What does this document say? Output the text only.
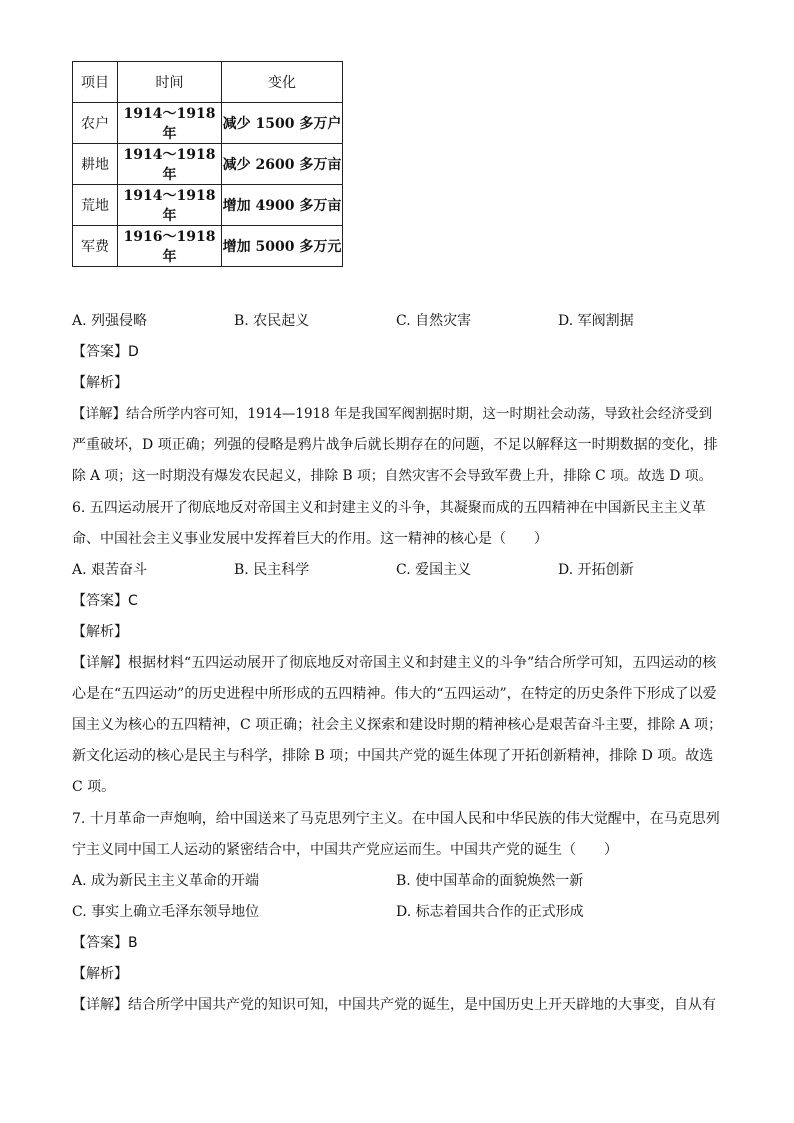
项目	时间	变化
农户	1914～1918 年	减少 1500 多万户
耕地	1914～1918 年	减少 2600 多万亩
荒地	1914～1918 年	增加 4900 多万亩
军费	1916～1918 年	增加 5000 多万元
A. 列强侵略	B. 农民起义	C. 自然灾害	D. 军阀割据
【答案】D
【解析】
【详解】结合所学内容可知，1914—1918 年是我国军阀割据时期，这一时期社会动荡，导致社会经济受到
严重破坏，D 项正确；列强的侵略是鸦片战争后就长期存在的问题，不足以解释这一时期数据的变化，排
除 A 项；这一时期没有爆发农民起义，排除 B 项；自然灾害不会导致军费上升，排除 C 项。故选 D 项。
6. 五四运动展开了彻底地反对帝国主义和封建主义的斗争，其凝聚而成的五四精神在中国新民主主义革
命、中国社会主义事业发展中发挥着巨大的作用。这一精神的核心是（　　）
A. 艰苦奋斗	B. 民主科学	C. 爱国主义	D. 开拓创新
【答案】C
【解析】
【详解】根据材料“五四运动展开了彻底地反对帝国主义和封建主义的斗争”结合所学可知，五四运动的核
心是在“五四运动”的历史进程中所形成的五四精神。伟大的“五四运动”，在特定的历史条件下形成了以爱
国主义为核心的五四精神，C 项正确；社会主义探索和建设时期的精神核心是艰苦奋斗主要，排除 A 项；
新文化运动的核心是民主与科学，排除 B 项；中国共产党的诞生体现了开拓创新精神，排除 D 项。故选
C 项。
7. 十月革命一声炮响，给中国送来了马克思列宁主义。在中国人民和中华民族的伟大觉醒中，在马克思列
宁主义同中国工人运动的紧密结合中，中国共产党应运而生。中国共产党的诞生（　　）
A. 成为新民主主义革命的开端	B. 使中国革命的面貌焕然一新
C. 事实上确立毛泽东领导地位	D. 标志着国共合作的正式形成
【答案】B
【解析】
【详解】结合所学中国共产党的知识可知，中国共产党的诞生，是中国历史上开天辟地的大事变，自从有
